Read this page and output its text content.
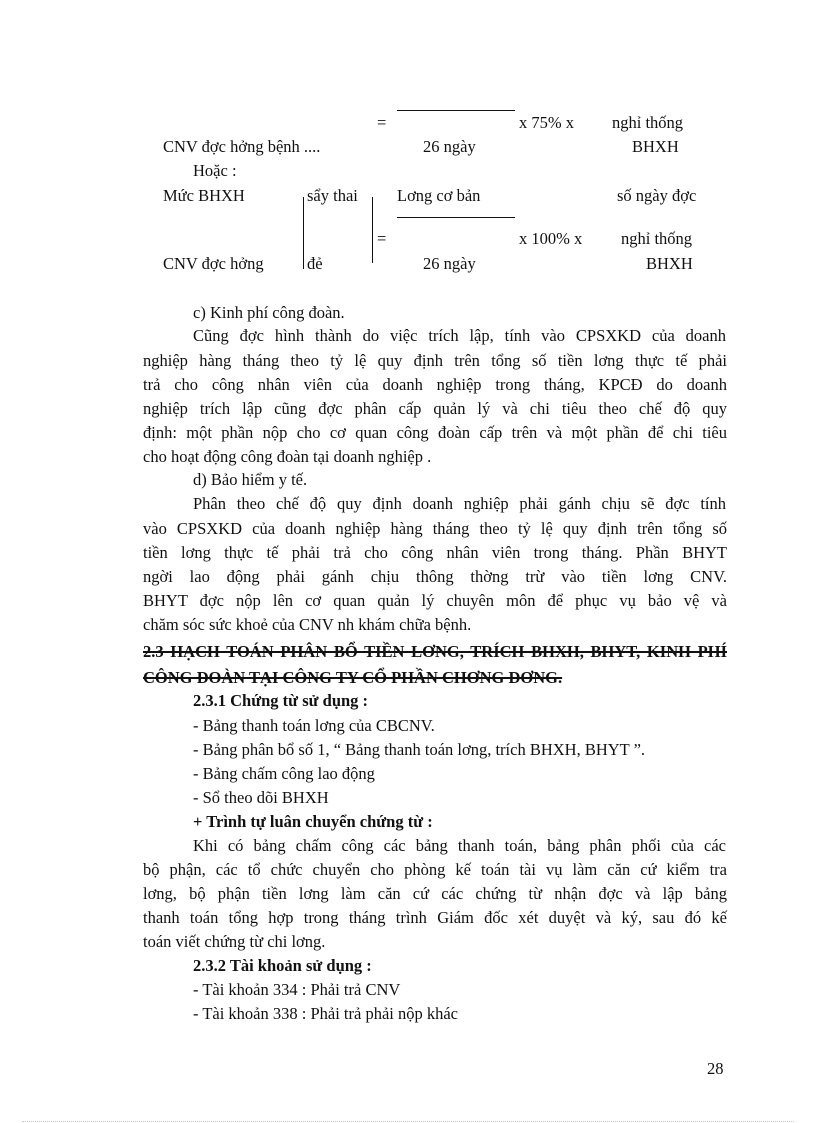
=	x 75% x nghỉ thống
CNV đợc hởng bệnh ....	26 ngày	BHXH
Hoặc :
Mức BHXH	sẩy thai Lơng cơ bản	số ngày đợc
=	x 100% x nghỉ thống
CNV đợc hởng	đẻ	26 ngày	BHXH
c) Kinh phí công đoàn.
Cũng đợc hình thành do việc trích lập, tính vào CPSXKD của doanh
nghiệp hàng tháng theo tỷ lệ quy định trên tổng số tiền lơng thực tế phải
trả cho công nhân viên của doanh nghiệp trong tháng, KPCĐ do doanh
nghiệp trích lập cũng đợc phân cấp quản lý và chi tiêu theo chế độ quy
định: một phần nộp cho cơ quan công đoàn cấp trên và một phần để chi tiêu
cho hoạt động công đoàn tại doanh nghiệp .
d) Bảo hiểm y tế.
Phân theo chế độ quy định doanh nghiệp phải gánh chịu sẽ đợc tính
vào CPSXKD của doanh nghiệp hàng tháng theo tỷ lệ quy định trên tổng số
tiền lơng thực tế phải trả cho công nhân viên trong tháng. Phần BHYT
ngời lao động phải gánh chịu thông thờng trừ vào tiền lơng CNV.
BHYT đợc nộp lên cơ quan quản lý chuyên môn để phục vụ bảo vệ và
chăm sóc sức khoẻ của CNV nh khám chữa bệnh.
2.3 HẠCH TOÁN PHÂN BỔ TIỀN LƠNG, TRÍCH BHXH, BHYT, KINH PHÍ
CÔNG ĐOÀN TẠI CÔNG TY CỔ PHẦN CHƠNG DƠNG.
2.3.1 Chứng từ sử dụng :
- Bảng thanh toán lơng của CBCNV.
- Bảng phân bổ số 1, “ Bảng thanh toán lơng, trích BHXH, BHYT ”.
- Bảng chấm công lao động
- Sổ theo dõi BHXH
+ Trình tự luân chuyển chứng từ :
Khi có bảng chấm công các bảng thanh toán, bảng phân phối của các
bộ phận, các tổ chức chuyển cho phòng kế toán tài vụ làm căn cứ kiểm tra
lơng, bộ phận tiền lơng làm căn cứ các chứng từ nhận đợc và lập bảng
thanh toán tổng hợp trong tháng trình Giám đốc xét duyệt và ký, sau đó kế
toán viết chứng từ chi lơng.
2.3.2 Tài khoản sử dụng :
- Tài khoản 334 : Phải trả CNV
- Tài khoản 338 : Phải trả phải nộp khác
28
